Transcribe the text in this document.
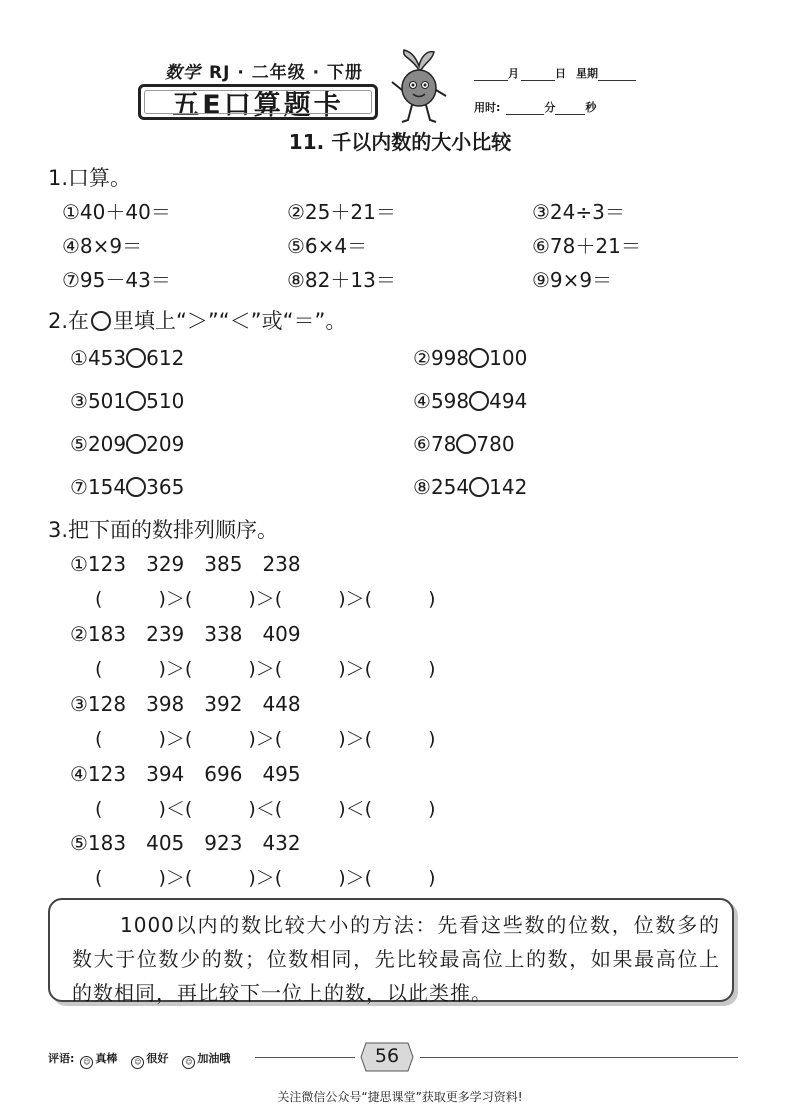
数学 RJ · 二年级 · 下册
五E口算题卡
月	日 星期
用时:	分	秒
11. 千以内数的大小比较
1.口算。
①40＋40＝	②25＋21＝	③24÷3＝
④8×9＝	⑤6×4＝	⑥78＋21＝
⑦95－43＝	⑧82＋13＝	⑨9×9＝
2.在 里填上“＞”“＜”或“＝”。
①453 612	②998 100
③501 510	④598 494
⑤209 209	⑥78 780
⑦154 365	⑧254 142
3.把下面的数排列顺序。
①123　329　385　238
(	)＞(	)＞(	)＞(	)
②183　239　338　409
(	)＞(	)＞(	)＞(	)
③128　398　392　448
(	)＞(	)＞(	)＞(	)
④123　394　696　495
(	)＜(	)＜(	)＜(	)
⑤183　405　923　432
(	)＞(	)＞(	)＞(	)
1000以内的数比较大小的方法：先看这些数的位数，位数多的数大于位数少的数；位数相同，先比较最高位上的数，如果最高位上的数相同，再比较下一位上的数，以此类推。
评语: ☺ 真棒 ☺ 很好 ☺ 加油哦	56
关注微信公众号“捷思课堂”获取更多学习资料!
